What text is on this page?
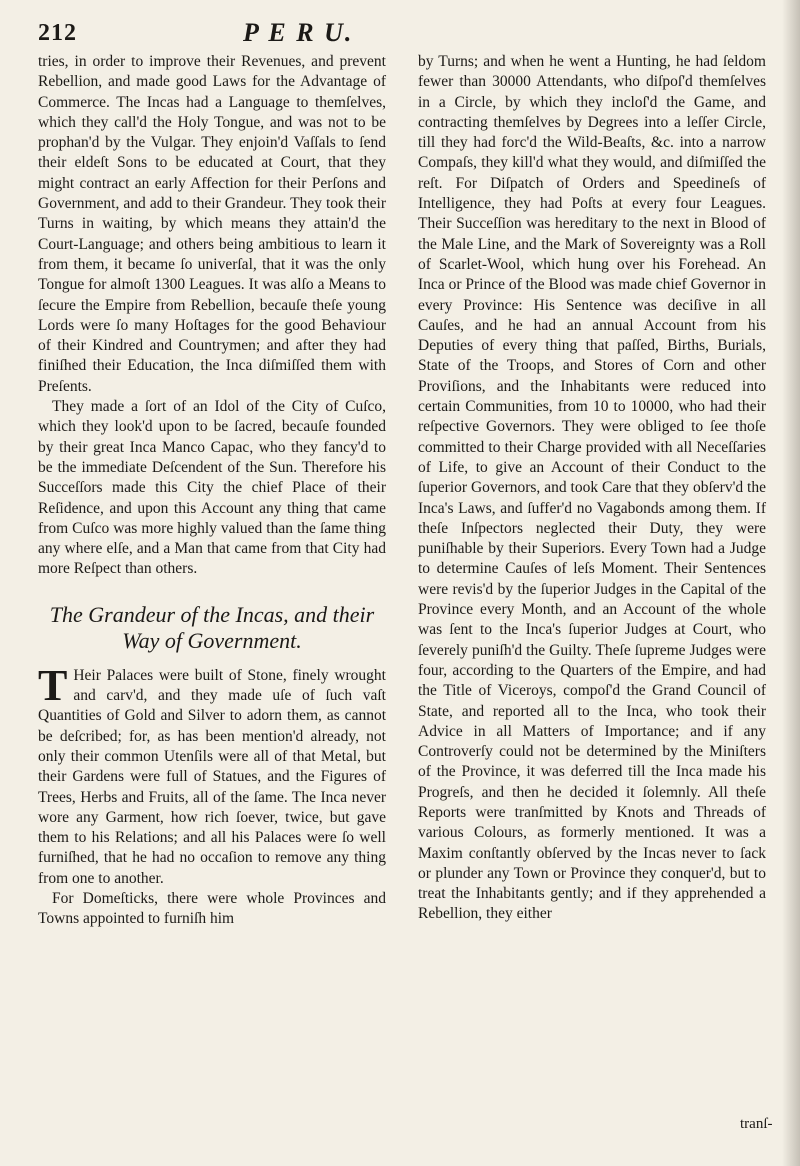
212	P E R U.

tries, in order to improve their Revenues, and prevent Rebellion, and made good Laws for the Advantage of Commerce. The Incas had a Language to themſelves, which they call'd the Holy Tongue, and was not to be prophan'd by the Vulgar. They enjoin'd Vaſſals to ſend their eldeſt Sons to be educated at Court, that they might contract an early Affection for their Perſons and Government, and add to their Grandeur. They took their Turns in waiting, by which means they attain'd the Court-Language; and others being ambitious to learn it from them, it became ſo univerſal, that it was the only Tongue for almoſt 1300 Leagues. It was alſo a Means to ſecure the Empire from Rebellion, becauſe theſe young Lords were ſo many Hoſtages for the good Behaviour of their Kindred and Countrymen; and after they had finiſhed their Education, the Inca diſmiſſed them with Preſents.

They made a ſort of an Idol of the City of Cuſco, which they look'd upon to be ſacred, becauſe founded by their great Inca Manco Capac, who they fancy'd to be the immediate Deſcendent of the Sun. Therefore his Succeſſors made this City the chief Place of their Reſidence, and upon this Account any thing that came from Cuſco was more highly valued than the ſame thing any where elſe, and a Man that came from that City had more Reſpect than others.

The Grandeur of the Incas, and their Way of Government.

T Heir Palaces were built of Stone, finely wrought and carv'd, and they made uſe of ſuch vaſt Quantities of Gold and Silver to adorn them, as cannot be deſcribed; for, as has been mention'd already, not only their common Utenſils were all of that Metal, but their Gardens were full of Statues, and the Figures of Trees, Herbs and Fruits, all of the ſame. The Inca never wore any Garment, how rich ſoever, twice, but gave them to his Relations; and all his Palaces were ſo well furniſhed, that he had no occaſion to remove any thing from one to another.

For Domeſticks, there were whole Provinces and Towns appointed to furniſh him

by Turns; and when he went a Hunting, he had ſeldom fewer than 30000 Attendants, who diſpoſ'd themſelves in a Circle, by which they incloſ'd the Game, and contracting themſelves by Degrees into a leſſer Circle, till they had forc'd the Wild-Beaſts, &c. into a narrow Compaſs, they kill'd what they would, and diſmiſſed the reſt. For Diſpatch of Orders and Speedineſs of Intelligence, they had Poſts at every four Leagues. Their Succeſſion was hereditary to the next in Blood of the Male Line, and the Mark of Sovereignty was a Roll of Scarlet-Wool, which hung over his Forehead. An Inca or Prince of the Blood was made chief Governor in every Province: His Sentence was deciſive in all Cauſes, and he had an annual Account from his Deputies of every thing that paſſed, Births, Burials, State of the Troops, and Stores of Corn and other Proviſions, and the Inhabitants were reduced into certain Communities, from 10 to 10000, who had their reſpective Governors. They were obliged to ſee thoſe committed to their Charge provided with all Neceſſaries of Life, to give an Account of their Conduct to the ſuperior Governors, and took Care that they obſerv'd the Inca's Laws, and ſuffer'd no Vagabonds among them. If theſe Inſpectors neglected their Duty, they were puniſhable by their Superiors. Every Town had a Judge to determine Cauſes of leſs Moment. Their Sentences were revis'd by the ſuperior Judges in the Capital of the Province every Month, and an Account of the whole was ſent to the Inca's ſuperior Judges at Court, who ſeverely puniſh'd the Guilty. Theſe ſupreme Judges were four, according to the Quarters of the Empire, and had the Title of Viceroys, compoſ'd the Grand Council of State, and reported all to the Inca, who took their Advice in all Matters of Importance; and if any Controverſy could not be determined by the Miniſters of the Province, it was deferred till the Inca made his Progreſs, and then he decided it ſolemnly. All theſe Reports were tranſmitted by Knots and Threads of various Colours, as formerly mentioned. It was a Maxim conſtantly obſerved by the Incas never to ſack or plunder any Town or Province they conquer'd, but to treat the Inhabitants gently; and if they apprehended a Rebellion, they either

tranſ-
